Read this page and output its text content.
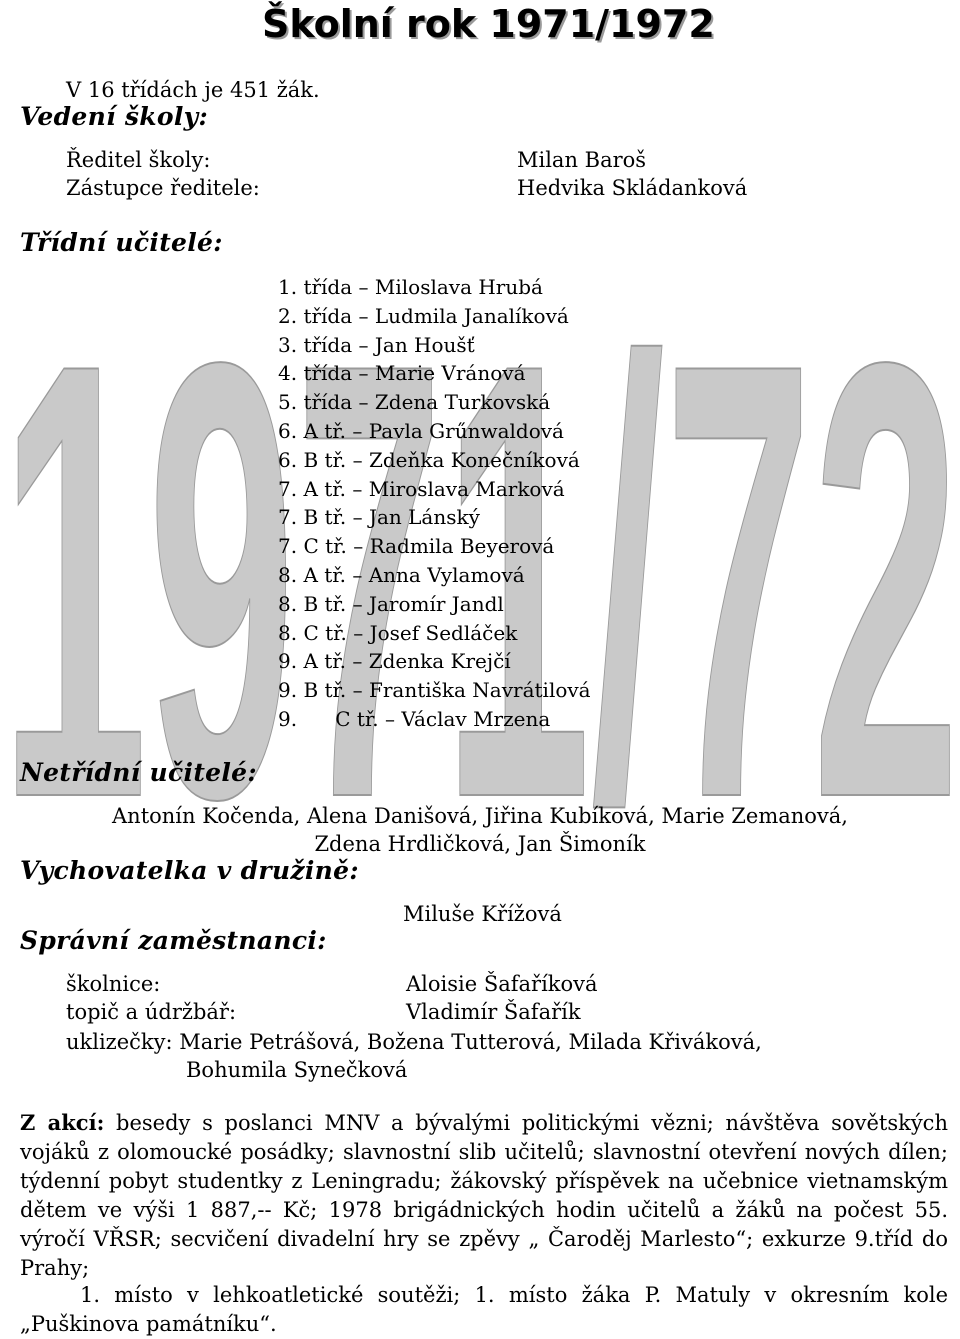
1971/72
Školní rok 1971/1972
V 16 třídách je 451 žák.
Vedení školy:
Ředitel školy:	Milan Baroš
Zástupce ředitele:	Hedvika Skládanková
Třídní učitelé:
1. třída – Miloslava Hrubá
2. třída – Ludmila Janalíková
3. třída – Jan Houšť
4. třída – Marie Vránová
5. třída – Zdena Turkovská
6. A tř. – Pavla Grűnwaldová
6. B tř. – Zdeňka Konečníková
7. A tř. – Miroslava Marková
7. B tř. – Jan Lánský
7. C tř. – Radmila Beyerová
8. A tř. – Anna Vylamová
8. B tř. – Jaromír Jandl
8. C tř. – Josef Sedláček
9. A tř. – Zdenka Krejčí
9. B tř. – Františka Navrátilová
9.      C tř. – Václav Mrzena
Netřídní učitelé:
Antonín Kočenda, Alena Danišová, Jiřina Kubíková, Marie Zemanová,
Zdena Hrdličková, Jan Šimoník
Vychovatelka v družině:
Miluše Křížová
Správní zaměstnanci:
školnice:	Aloisie Šafaříková
topič a údržbář:	Vladimír Šafařík
uklizečky: Marie Petrášová, Božena Tutterová, Milada Křiváková,
Bohumila Synečková
Z akcí: besedy s poslanci MNV a bývalými politickými vězni; návštěva sovětských vojáků z olomoucké posádky; slavnostní slib učitelů; slavnostní otevření nových dílen; týdenní pobyt studentky z Leningradu; žákovský příspěvek na učebnice vietnamským dětem ve výši 1 887,-- Kč; 1978 brigádnických hodin učitelů a žáků na počest 55. výročí VŘSR; secvičení divadelní hry se zpěvy „ Čaroděj Marlesto“; exkurze 9.tříd do Prahy;
1. místo v lehkoatletické soutěži; 1. místo žáka P. Matuly v okresním kole „Puškinova památníku“.
